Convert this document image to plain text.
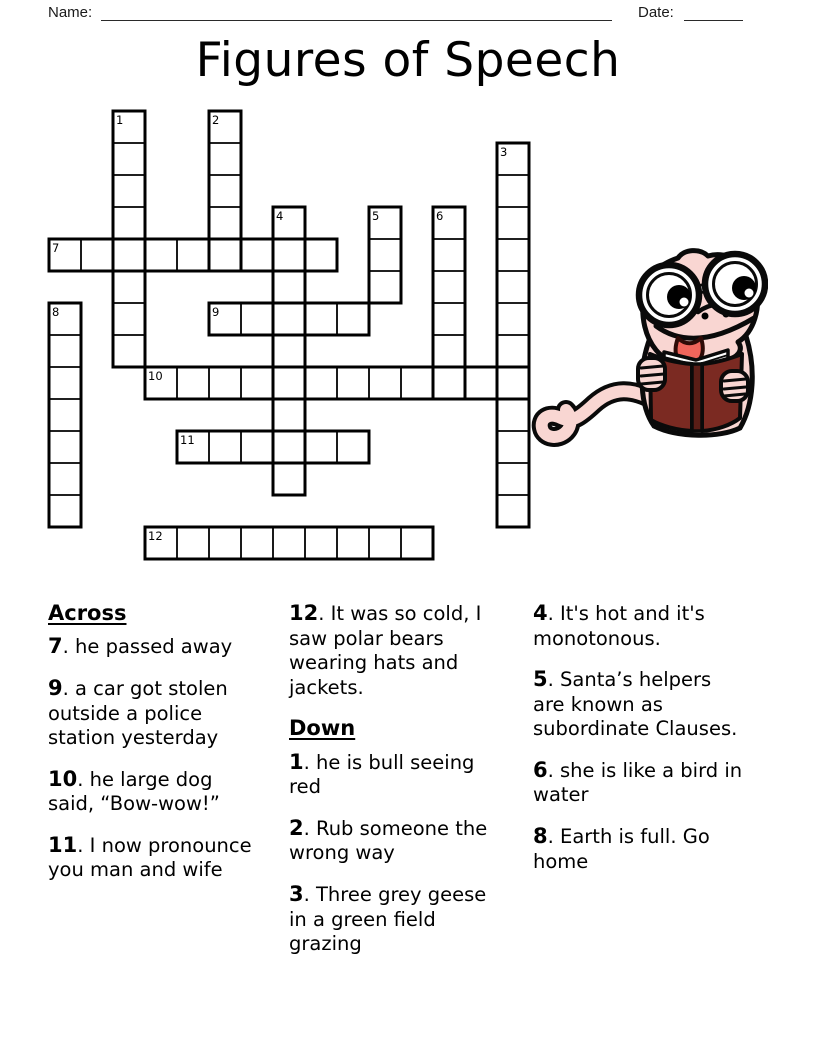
Name:	Date:
Figures of Speech
1	2
3
4	5	6
7
8	9
10
11
12
Across
7. he passed away
9. a car got stolen outside a police station yesterday
10. he large dog said, “Bow-wow!”
11. I now pronounce you man and wife
12. It was so cold, I saw polar bears wearing hats and jackets.
Down
1. he is bull seeing red
2. Rub someone the wrong way
3. Three grey geese in a green field grazing
4. It's hot and it's monotonous.
5. Santa’s helpers are known as subordinate Clauses.
6. she is like a bird in water
8. Earth is full. Go home
